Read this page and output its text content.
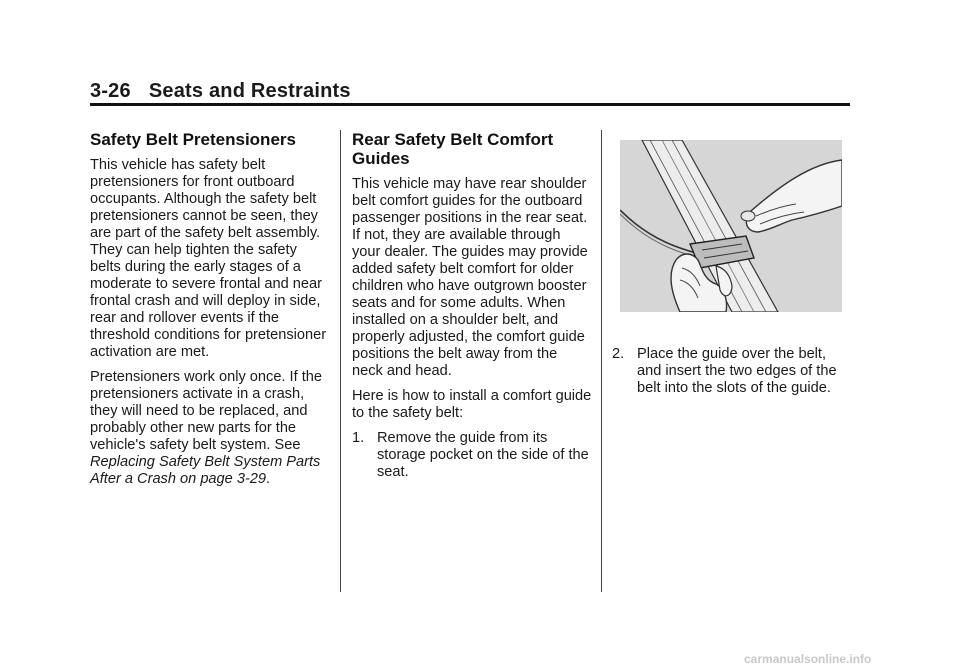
3-26 Seats and Restraints
Safety Belt Pretensioners

This vehicle has safety belt pretensioners for front outboard occupants. Although the safety belt pretensioners cannot be seen, they are part of the safety belt assembly. They can help tighten the safety belts during the early stages of a moderate to severe frontal and near frontal crash and will deploy in side, rear and rollover events if the threshold conditions for pretensioner activation are met.

Pretensioners work only once. If the pretensioners activate in a crash, they will need to be replaced, and probably other new parts for the vehicle's safety belt system. See Replacing Safety Belt System Parts After a Crash on page 3-29.

Rear Safety Belt Comfort Guides

This vehicle may have rear shoulder belt comfort guides for the outboard passenger positions in the rear seat. If not, they are available through your dealer. The guides may provide added safety belt comfort for older children who have outgrown booster seats and for some adults. When installed on a shoulder belt, and properly adjusted, the comfort guide positions the belt away from the neck and head.

Here is how to install a comfort guide to the safety belt:

1. Remove the guide from its storage pocket on the side of the seat.
2. Place the guide over the belt, and insert the two edges of the belt into the slots of the guide.
carmanualsonline.info
